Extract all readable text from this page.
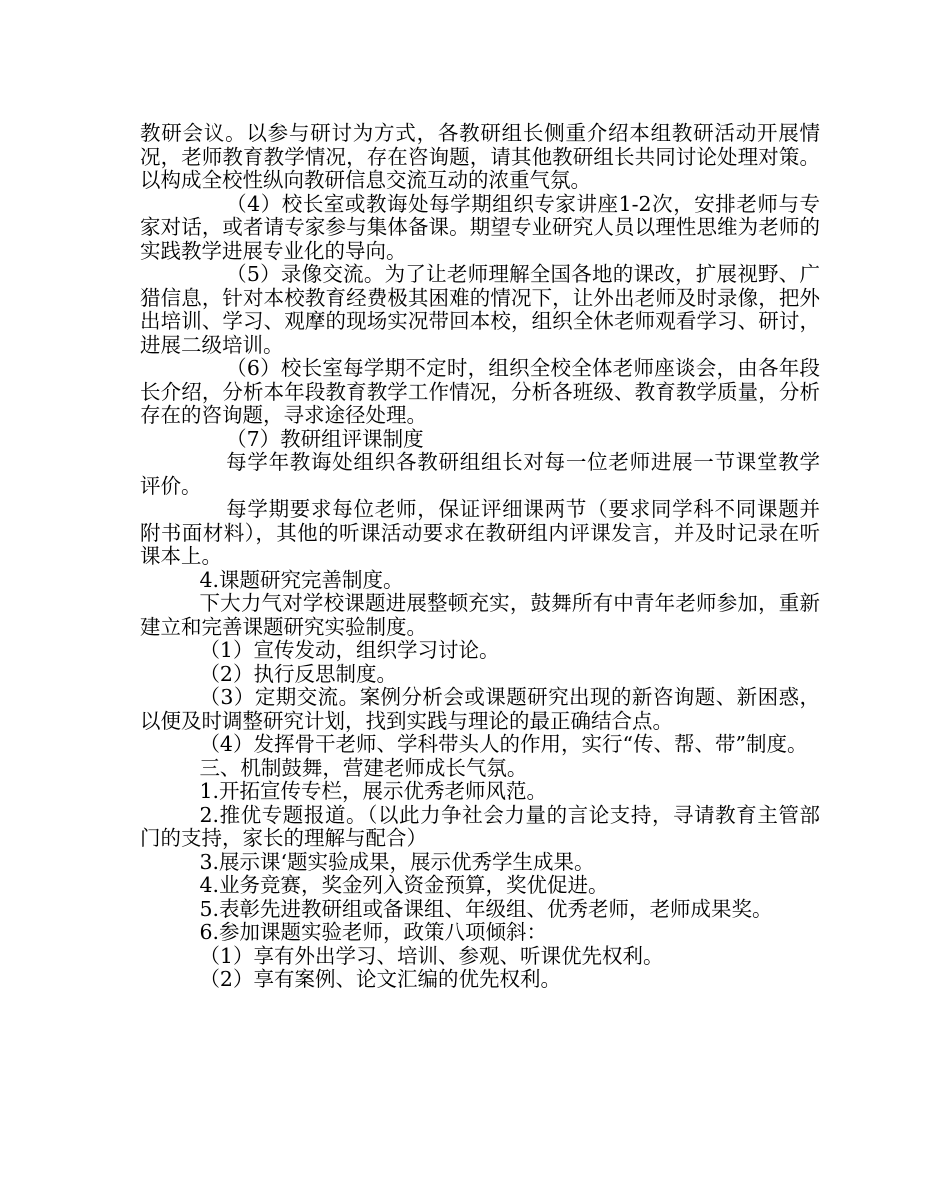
教研会议。以参与研讨为方式，各教研组长侧重介绍本组教研活动开展情况，老师教育教学情况，存在咨询题，请其他教研组长共同讨论处理对策。以构成全校性纵向教研信息交流互动的浓重气氛。

（4）校长室或教诲处每学期组织专家讲座1-2次，安排老师与专家对话，或者请专家参与集体备课。期望专业研究人员以理性思维为老师的实践教学进展专业化的导向。

（5）录像交流。为了让老师理解全国各地的课改，扩展视野、广猎信息，针对本校教育经费极其困难的情况下，让外出老师及时录像，把外出培训、学习、观摩的现场实况带回本校，组织全休老师观看学习、研讨，进展二级培训。

（6）校长室每学期不定时，组织全校全体老师座谈会，由各年段长介绍，分析本年段教育教学工作情况，分析各班级、教育教学质量，分析存在的咨询题，寻求途径处理。

（7）教研组评课制度

每学年教诲处组织各教研组组长对每一位老师进展一节课堂教学评价。

每学期要求每位老师，保证评细课两节（要求同学科不同课题并附书面材料），其他的听课活动要求在教研组内评课发言，并及时记录在听课本上。

4.课题研究完善制度。

下大力气对学校课题进展整顿充实，鼓舞所有中青年老师参加，重新建立和完善课题研究实验制度。

（1）宣传发动，组织学习讨论。

（2）执行反思制度。

（3）定期交流。案例分析会或课题研究出现的新咨询题、新困惑，以便及时调整研究计划，找到实践与理论的最正确结合点。

（4）发挥骨干老师、学科带头人的作用，实行“传、帮、带”制度。

三、机制鼓舞，营建老师成长气氛。

1.开拓宣传专栏，展示优秀老师风范。

2.推优专题报道。（以此力争社会力量的言论支持，寻请教育主管部门的支持，家长的理解与配合）

3.展示课‘题实验成果，展示优秀学生成果。

4.业务竞赛，奖金列入资金预算，奖优促进。

5.表彰先进教研组或备课组、年级组、优秀老师，老师成果奖。

6.参加课题实验老师，政策八项倾斜：

（1）享有外出学习、培训、参观、听课优先权利。

（2）享有案例、论文汇编的优先权利。
